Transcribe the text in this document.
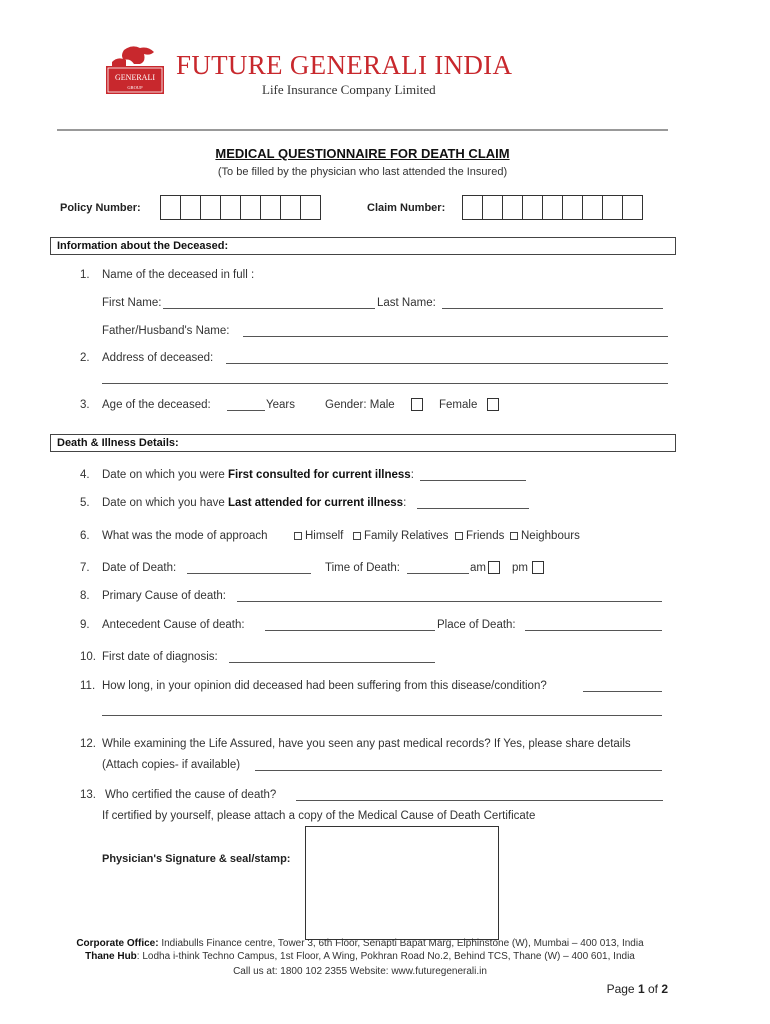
GENERALI
GROUP
FUTURE GENERALI INDIA
Life Insurance Company Limited
MEDICAL QUESTIONNAIRE FOR DEATH CLAIM
(To be filled by the physician who last attended the Insured)
Policy Number:	Claim Number:
Information about the Deceased:
1. Name of the deceased in full :
First Name:	Last Name:
Father/Husband's Name:
2. Address of deceased:
3. Age of the deceased:	Years	Gender: Male	Female
Death & Illness Details:
4. Date on which you were First consulted for current illness:
5. Date on which you have Last attended for current illness:
6. What was the mode of approach	Himself	Family Relatives	Friends	Neighbours
7. Date of Death:	Time of Death:	am pm
8. Primary Cause of death:
9. Antecedent Cause of death:	Place of Death:
10. First date of diagnosis:
11. How long, in your opinion did deceased had been suffering from this disease/condition?
12. While examining the Life Assured, have you seen any past medical records? If Yes, please share details
(Attach copies- if available)
13. Who certified the cause of death?
If certified by yourself, please attach a copy of the Medical Cause of Death Certificate
Physician's Signature & seal/stamp:
Corporate Office: Indiabulls Finance centre, Tower 3, 6th Floor, Senapti Bapat Marg, Elphinstone (W), Mumbai – 400 013, India
Thane Hub: Lodha i-think Techno Campus, 1st Floor, A Wing, Pokhran Road No.2, Behind TCS, Thane (W) – 400 601, India
Call us at: 1800 102 2355 Website: www.futuregenerali.in
Page 1 of 2
